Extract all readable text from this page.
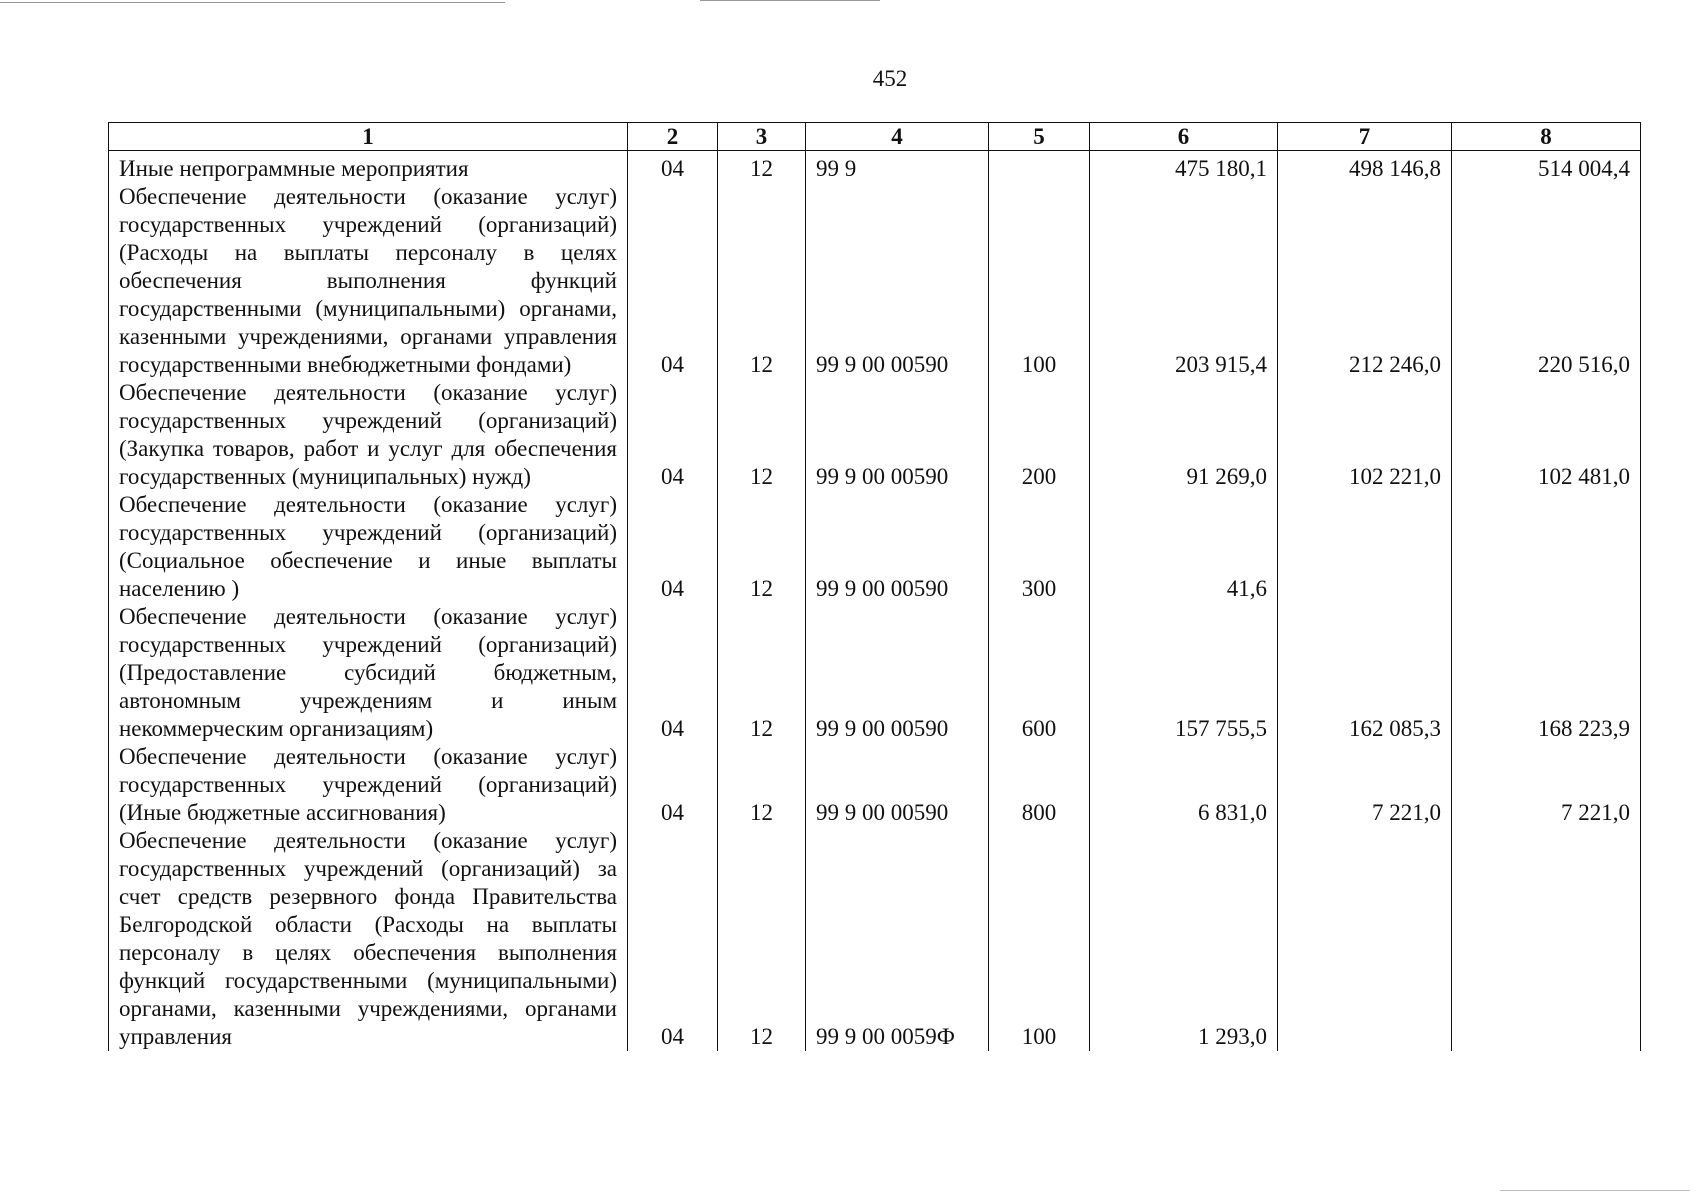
452
1	2	3	4	5	6	7	8
Иные непрограммные мероприятия	04	12	99 9		475 180,1	498 146,8	514 004,4
Обеспечение деятельности (оказание услуг) государственных учреждений (организаций) (Расходы на выплаты персоналу в целях обеспечения выполнения функций государственными (муниципальными) органами, казенными учреждениями, органами управления государственными внебюджетными фондами)	04	12	99 9 00 00590	100	203 915,4	212 246,0	220 516,0
Обеспечение деятельности (оказание услуг) государственных учреждений (организаций) (Закупка товаров, работ и услуг для обеспечения государственных (муниципальных) нужд)	04	12	99 9 00 00590	200	91 269,0	102 221,0	102 481,0
Обеспечение деятельности (оказание услуг) государственных учреждений (организаций) (Социальное обеспечение и иные выплаты населению )	04	12	99 9 00 00590	300	41,6		
Обеспечение деятельности (оказание услуг) государственных учреждений (организаций) (Предоставление субсидий бюджетным, автономным учреждениям и иным некоммерческим организациям)	04	12	99 9 00 00590	600	157 755,5	162 085,3	168 223,9
Обеспечение деятельности (оказание услуг) государственных учреждений (организаций) (Иные бюджетные ассигнования)	04	12	99 9 00 00590	800	6 831,0	7 221,0	7 221,0
Обеспечение деятельности (оказание услуг) государственных учреждений (организаций) за счет средств резервного фонда Правительства Белгородской области (Расходы на выплаты персоналу в целях обеспечения выполнения функций государственными (муниципальными) органами, казенными учреждениями, органами управления	04	12	99 9 00 0059Ф	100	1 293,0		
